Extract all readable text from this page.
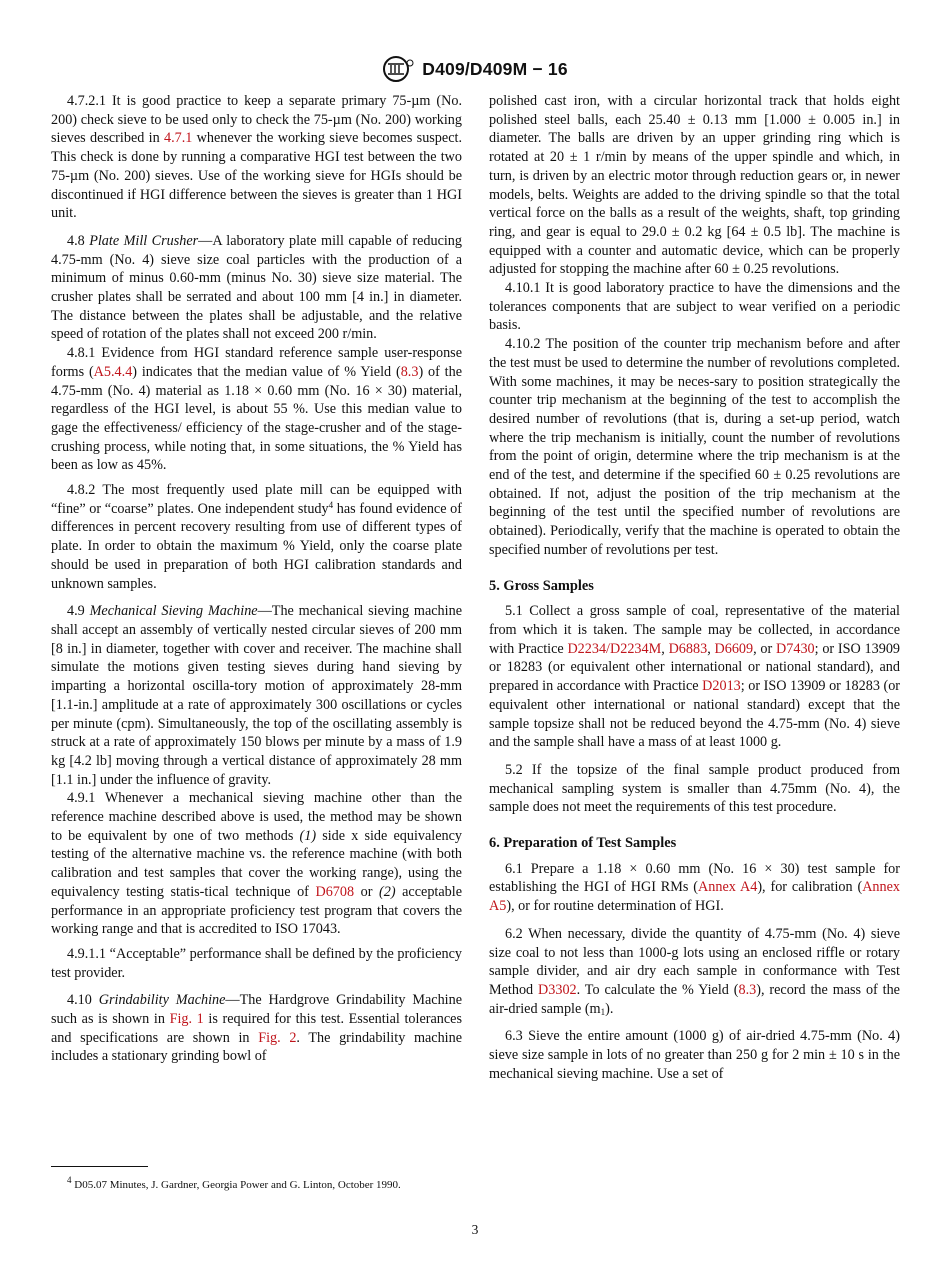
D409/D409M − 16

4.7.2.1 It is good practice to keep a separate primary 75-µm (No. 200) check sieve to be used only to check the 75-µm (No. 200) working sieves described in 4.7.1 whenever the working sieve becomes suspect. This check is done by running a comparative HGI test between the two 75-µm (No. 200) sieves. Use of the working sieve for HGIs should be discontinued if HGI difference between the sieves is greater than 1 HGI unit.

4.8 Plate Mill Crusher—A laboratory plate mill capable of reducing 4.75-mm (No. 4) sieve size coal particles with the production of a minimum of minus 0.60-mm (minus No. 30) sieve size material. The crusher plates shall be serrated and about 100 mm [4 in.] in diameter. The distance between the plates shall be adjustable, and the relative speed of rotation of the plates shall not exceed 200 r/min.

4.8.1 Evidence from HGI standard reference sample user-response forms (A5.4.4) indicates that the median value of % Yield (8.3) of the 4.75-mm (No. 4) material as 1.18 × 0.60 mm (No. 16 × 30) material, regardless of the HGI level, is about 55 %. Use this median value to gage the effectiveness/ efficiency of the stage-crusher and of the stage-crushing process, while noting that, in some situations, the % Yield has been as low as 45%.

4.8.2 The most frequently used plate mill can be equipped with “fine” or “coarse” plates. One independent study$^4$ has found evidence of differences in percent recovery resulting from use of different types of plate. In order to obtain the maximum % Yield, only the coarse plate should be used in preparation of both HGI calibration standards and unknown samples.

4.9 Mechanical Sieving Machine—The mechanical sieving machine shall accept an assembly of vertically nested circular sieves of 200 mm [8 in.] in diameter, together with cover and receiver. The machine shall simulate the motions given testing sieves during hand sieving by imparting a horizontal oscilla-tory motion of approximately 28-mm [1.1-in.] amplitude at a rate of approximately 300 oscillations or cycles per minute (cpm). Simultaneously, the top of the oscillating assembly is struck at a rate of approximately 150 blows per minute by a mass of 1.9 kg [4.2 lb] moving through a vertical distance of approximately 28 mm [1.1 in.] under the influence of gravity.

4.9.1 Whenever a mechanical sieving machine other than the reference machine described above is used, the method may be shown to be equivalent by one of two methods (1) side x side equivalency testing of the alternative machine vs. the reference machine (with both calibration and test samples that cover the working range), using the equivalency testing statis-tical technique of D6708 or (2) acceptable performance in an appropriate proficiency test program that covers the working range and that is accredited to ISO 17043.

4.9.1.1 “Acceptable” performance shall be defined by the proficiency test provider.

4.10 Grindability Machine—The Hardgrove Grindability Machine such as is shown in Fig. 1 is required for this test. Essential tolerances and specifications are shown in Fig. 2. The grindability machine includes a stationary grinding bowl of

polished cast iron, with a circular horizontal track that holds eight polished steel balls, each 25.40 ± 0.13 mm [1.000 ± 0.005 in.] in diameter. The balls are driven by an upper grinding ring which is rotated at 20 ± 1 r/min by means of the upper spindle and which, in turn, is driven by an electric motor through reduction gears or, in newer models, belts. Weights are added to the driving spindle so that the total vertical force on the balls as a result of the weights, shaft, top grinding ring, and gear is equal to 29.0 ± 0.2 kg [64 ± 0.5 lb]. The machine is equipped with a counter and automatic device, which can be properly adjusted for stopping the machine after 60 ± 0.25 revolutions.

4.10.1 It is good laboratory practice to have the dimensions and the tolerances components that are subject to wear verified on a periodic basis.

4.10.2 The position of the counter trip mechanism before and after the test must be used to determine the number of revolutions completed. With some machines, it may be neces-sary to position strategically the counter trip mechanism at the beginning of the test to accomplish the desired number of revolutions (that is, during a set-up period, watch where the trip mechanism is initially, count the number of revolutions from the point of origin, determine where the trip mechanism is at the end of the test, and determine if the specified 60 ± 0.25 revolutions are obtained. If not, adjust the position of the trip mechanism at the beginning of the test until the specified number of revolutions are obtained). Periodically, verify that the machine is operated to obtain the specified number of revolutions per test.

5. Gross Samples

5.1 Collect a gross sample of coal, representative of the material from which it is taken. The sample may be collected, in accordance with Practice D2234/D2234M, D6883, D6609, or D7430; or ISO 13909 or 18283 (or equivalent other international or national standard), and prepared in accordance with Practice D2013; or ISO 13909 or 18283 (or equivalent other international or national standard) except that the sample topsize shall not be reduced beyond the 4.75-mm (No. 4) sieve and the sample shall have a mass of at least 1000 g.

5.2 If the topsize of the final sample product produced from mechanical sampling system is smaller than 4.75mm (No. 4), the sample does not meet the requirements of this test procedure.

6. Preparation of Test Samples

6.1 Prepare a 1.18 × 0.60 mm (No. 16 × 30) test sample for establishing the HGI of HGI RMs (Annex A4), for calibration (Annex A5), or for routine determination of HGI.

6.2 When necessary, divide the quantity of 4.75-mm (No. 4) sieve size coal to not less than 1000-g lots using an enclosed riffle or rotary sample divider, and air dry each sample in conformance with Test Method D3302. To calculate the % Yield (8.3), record the mass of the air-dried sample $(m_1)$.

6.3 Sieve the entire amount (1000 g) of air-dried 4.75-mm (No. 4) sieve size sample in lots of no greater than 250 g for 2 min ± 10 s in the mechanical sieving machine. Use a set of

$^4$ D05.07 Minutes, J. Gardner, Georgia Power and G. Linton, October 1990.
3
